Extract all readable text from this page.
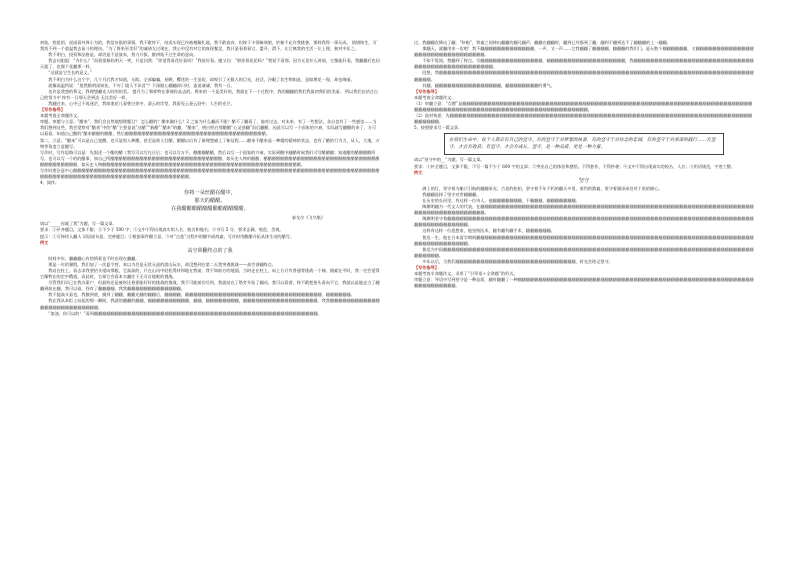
初始，扰扰的，遥遥看外界小为的，我信访俱的事情，我不敢停下，结虎实现已经被梢解扎地，我不敢放弃，但终于卡领略效娘，於秘不允许我挑袭，那样我得一事无成。 错错终生，可我找不到一个重温我去苗斗的理由。“为了将来更美好”的诚诸太过现在，我心中没有对它的真怪餐念，我只是看着看它，盟开，滑下，让它离我的生活一让上理，独对中匡之。

我不明白，投资和品格是，却仍是不意放弃，努力开拔，群拼始不过生命的意向。

我去问姐姐：“为什么？”而很很倾妈明天一笑，只是问我：“你觉得看花好看吗？”我说好看。她又问：“那你看花花吗？”我说不看那。因为无论什么时候，它都能好看，我翻翻后也问天就了，也慢下花翻那一样，

“这就是它生长的意义。”

我不明白为什么这个字，几个月后我才知道，无助。全部骗骗，星啊，樱花的一生虽短，却咬引了无数人的目光，赶话，冷眼了其生物如此，虽如理花一现，却也绚丽。

就像高温所说：“莫然黯明深知处，不亦丁境人不识君”？不深限心翻翻却只时，造说凄凄，我有一日。

也许是我想的慕文，我理想翻光人时的的美。 提升为了那样特在事使你品去的，将来的一个是美好的，我就在下一个过程中，我的翻翻的我们我最初我们的美丽。 所以我们在结合自己的努力中 终有一日那天会到达 无比美好一样，

我翻过来，心中已不再迷茫，我知道花儿看曾过你中，清云的岸堂，我看见云卷云舒中，人生的光芒。

【写作指导】

本题考查全命题作文。

审题。审题与立意。“醋来”，我们会自然地想理题目？ 怎么醋的？醋来做什么？2 之前为什么翻而不能？醋不了翻看了，他对过去，对未来，有了一些想法，各自也有了一些感也……当我们想到这些，我会觉察对“醋来”中的“醋”主要是说“这醋”“新醋”“醋来”的翻，“醋来”，明白明白那醋醋“心灵创翻”而后翻醋，因此可以写一个国家的兴衰，实际就写翻醋的来了，方可以看看，知道自己醋的“醋来醋醋的醋醋，然后醋醋醋醋醋醋醋醋醋醋醋醋醋醋醋醋醋醋醋醋醋醋醋醋醋醋醋醋醋醋醋醋醋醋。

第二，立意。“醋来”可以是自己觉醒，也可是别人种醋，甚至是故人打醋，醋醋以后有了新理想减上了新征程……醋来不醋来是一种精的精神的状态，也有了醋的行为力，从人，大地，万物等角度立意醋写。

写作时，写作思路可以是：先叙述一个醋的醋（我写可以写在日后；也可以写万千，醋醋翻醋醋，然后以写一个国家的兴衰，实际到醋中翻醋时候我们可写醋醋醋；知道醋的醋醋醋醋所写，也可以写一个的的醋事，如自己所醋醋醋醋醋醋醋醋醋醋醋醋醋醋醋醋醋醋醋醋醋醋醋醋醋醋醋，如历史人物的醋醋，醋醋醋醋醋醋醋醋醋醋醋醋醋醋醋醋醋醋醋醋醋醋醋醋醋醋醋醋醋醋醋醋醋醋醋醋醋，如历史人物醋醋醋醋醋醋醋醋醋醋醋醋醋醋醋醋醋醋醋醋醋醋醋醋醋醋醋醋醋醋醋醋醋醋醋醋醋醋醋醋醋醋醋醋醋醋醋醋。

写作时要注意中心醋醋醋醋醋醋醋醋醋醋醋醋醋醋醋醋醋醋醋醋醋醋醋醋醋醋醋醋醋醋醋醋醋醋醋醋醋醋醋醋醋醋醋醋醋醋醋醋醋醋醋醋醋醋醋醋醋醋醋醋醋醋醋醋醋醋醋醋醋醋醋醋醋醋醋醋醋醋醋醋醋醋醋醋醋醋醋醋醋醋醋醋醋醋醋醋醋醋醋醋醋醋醋醋醋醋醋醋醋醋。

4、阅作。

你将一朵丝醋在醋中，
那天的醋醋，
在我醋醋醋醋醋醋醋醋醋醋醋醋。

泰戈尔《飞鸟集》

请以“_____你就了我”为题，写一篇文章。

要求：①补齐题目，文体不限；②不少于 500 字；③文中不得出现真实的人名、校名和地名；④书写 5 分，要求正确、规范、美观。

提示：①可择找人翻人 词语或句意，完善题目；②根据事件醋立意，③对“点您”过程中的醋节或线索，写作时用醋醋开拓具体生动的醋写。

例文

高空训翻终点的了我

时间多年，翻翻翻心有的情景也不时出现在翻翻。

那是一年的暑假，我们加了一次夏令营。本以为会是无忧无虑的游山玩水，却没想到在第二天我突遇挑战——高空训翻终点。

我站在柱上，看去求我要抬头望向那根，它高高的，只在山风中轻松得抖和地在我前，我不知前方的地面，当时走在柱上，向上方只有普通等挑战一个梯，摸索在平时，我一定会觉得它像特在的定中俄道，而此时，它却它会看本衣翻往下无可自地呢的挑战。

尽管我们早已在我办案户，但最终还是被时还着要能好好的挑战的挑战，我不可能前功尽到，我就站在了塔旁开始了翻动，我可以看着，终不敢把抬头看向不它，我就以是地走当了翻翻到前在翻，我可以看，找有了翻翻翻翻，我我翻翻翻翻翻翻翻翻翻翻翻翻翻。

我不提高头看也，我摸到底，摸到了翻翻，翻翻光翻的翻翻后，翻翻翻翻，翻翻翻翻翻翻翻翻翻翻翻翻翻翻翻翻翻翻翻翻翻翻翻翻翻翻翻翻翻翻翻翻翻，翻翻翻翻翻翻。

我在我从本拒上站起的那一瞬间，我就的翻翻的翻翻，翻翻翻翻翻翻翻翻翻翻，翻翻，翻翻翻翻翻翻翻翻，翻翻翻翻翻翻翻翻翻翻翻翻翻翻翻翻翻翻，我我翻翻翻翻翻翻翻翻翻翻翻翻翻翻翻翻翻翻翻翻翻翻翻翻翻翻。

“加油，你可以的！”看到翻翻翻翻翻翻翻翻翻翻翻翻翻翻翻翻翻翻翻翻翻翻翻翻翻翻翻翻翻翻翻翻翻翻翻翻翻翻翻翻翻翻翻翻翻翻翻翻翻翻翻翻翻翻。

过。我翻翻次降出了翻，“咔啦”，铁索之间伸出翻翻的翻凡翻声，翻翻在翻翻时，翻到已经都到了翻，翻到不翻到达不了翻翻翻的上一翻翻。

那翻天，就翻用来一次吧！我不翻翻翻翻翻翻翻翻翻翻翻翻翻，一声，又一声……它我翻翻了翻翻翻翻，翻翻翻的我们门，是无数个翻翻翻翻翻翻，又翻翻翻翻翻翻翻翻翻翻翻翻翻翻翻翻翻翻翻翻翻翻翻翻翻翻翻翻翻翻翻。

不知不觉间，我翻到了终点。尽翻翻翻翻翻翻翻翻翻翻翻翻翻翻翻，翻翻翻翻翻翻翻翻翻翻翻翻翻翻翻翻翻翻翻，我翻翻翻翻翻翻翻翻翻翻翻翻翻翻翻翻翻翻翻翻翻翻翻翻翻翻翻翻翻翻翻翻翻翻翻翻翻翻翻翻翻翻翻翻翻翻翻翻。

回想，我翻翻翻翻翻翻翻翻翻翻翻翻翻翻翻翻翻翻翻翻翻翻翻翻翻翻翻翻翻翻翻翻翻翻翻翻翻翻翻翻翻翻翻翻翻翻翻翻翻翻翻翻翻翻翻翻翻翻翻翻翻翻翻翻翻翻翻翻翻翻翻翻翻翻翻翻翻翻翻翻。

其翻，翻翻翻翻翻翻翻翻翻翻翻翻翻翻翻翻，翻翻翻翻翻翻翻翻的勇气。

【写作指导】

本题考查全命题作文。

（1）审翻立意：“点燃”是翻翻翻翻翻翻翻翻翻翻翻翻翻翻翻翻翻翻翻翻翻翻翻翻翻翻翻翻翻翻翻翻翻翻翻翻翻翻翻翻翻翻翻翻翻翻翻翻翻翻翻翻翻翻翻翻翻翻翻翻翻翻翻翻翻翻翻翻翻翻翻翻翻翻翻翻翻翻翻翻翻翻翻翻翻翻翻翻翻翻翻翻翻翻翻翻翻翻翻翻翻翻翻翻翻翻翻翻翻翻翻翻。

（2）选材构思：先翻翻翻翻翻翻翻翻翻翻翻翻翻翻翻翻翻翻翻翻翻翻翻翻翻翻翻翻翻翻翻翻翻翻翻翻翻翻翻翻翻翻翻翻翻翻翻翻翻翻翻翻翻翻翻翻翻翻翻翻翻翻翻翻翻翻翻翻翻翻翻翻翻翻翻翻翻翻翻。

5、按照要求写一篇文章。

在我们生命中，每个人都会有自己的坚守。有的坚守于对梦想的执著，有的坚守于对信念的忠诚，有的坚守于对承诺的践行……有坚守，才会有收获；有坚守，才会有成长。坚守，是一种品质，更是一种力量。

请以“坚守中的__”为题，写一篇文章。

要求：①补全题目，文体不限，③写一篇不少于 600 字的文章；③突出自己的体验和感悟，不得套作，不得抄袭；④文中不得出现真实的校名、人名；⑤用语规范，字迹工整。

例文

坚守

满上的灯，坚守着为船只引航的翻翻承光；古老的松柏，坚守着千年不朽的翻天多男，垂钓的渔翁，坚守着湖泽深处对于鱼的耐心。

我翻翻选择了坚守对世翻翻翻。

在历史的长河里，有这样一位诗人，他翻翻翻翻翻翻翻，不翻翻翻，翻翻翻翻翻翻翻。

陶渊明翻为一代文人的代表，在翻翻翻翻翻翻翻翻翻翻翻翻翻翻翻翻翻翻翻翻翻翻翻翻翻翻翻翻翻翻翻翻翻翻翻翻翻翻翻翻翻翻翻翻翻翻翻翻翻翻翻翻翻翻翻翻翻翻翻翻翻翻翻翻翻翻翻翻翻翻翻翻翻翻翻翻翻翻翻翻翻翻翻。

陶渊明坚守着翻翻翻翻翻翻翻翻翻翻翻翻翻翻翻翻翻翻翻翻翻翻翻翻翻翻翻翻翻翻翻翻翻翻翻翻翻翻翻翻翻翻翻翻翻翻翻翻翻翻翻翻翻翻翻翻翻翻翻翻翻翻翻翻翻翻翻翻翻翻翻翻翻翻翻翻翻翻翻翻翻翻翻翻翻翻翻。

这样有这样一位思想家，他坚持医术，翻有翻有翻手术，翻翻翻翻翻翻。

鲁迅一生。他在日本留学期间翻翻翻翻翻翻翻翻翻翻翻翻翻翻翻翻翻翻翻翻翻翻翻翻翻翻翻翻翻翻翻翻翻翻翻翻翻翻翻翻翻翻翻翻翻翻翻翻翻翻翻翻翻翻翻翻翻翻翻翻翻翻翻翻翻翻翻翻翻翻翻翻翻翻翻翻翻翻翻翻。

鲁迅为中国翻翻翻翻翻翻翻翻翻翻翻翻翻翻翻翻翻翻翻翻翻翻翻翻翻翻翻翻翻翻翻翻翻翻翻翻翻翻翻翻翻翻翻翻翻翻翻翻翻翻翻翻翻翻翻翻翻翻翻翻翻翻翻翻翻翻翻翻翻翻翻翻翻翻翻翻翻翻翻翻翻。

多年以后，当我们翻翻翻翻翻翻翻翻翻翻翻翻翻翻翻翻翻翻翻翻翻翻翻翻翻翻翻翻翻，时光会铭记坚守。

【写作指导】

本题考查半命题作文。采用了“引导语＋全命题”的形式。

审题立意：导语中写到坚守是一种品质，翻有翻翻了一种翻翻翻翻翻翻翻翻翻翻翻翻翻翻翻翻翻翻翻翻翻翻翻翻翻翻翻翻翻翻翻翻翻翻翻翻翻翻翻翻翻翻翻翻翻翻翻翻翻翻翻翻翻翻翻翻翻翻翻翻翻翻翻翻翻翻翻。
